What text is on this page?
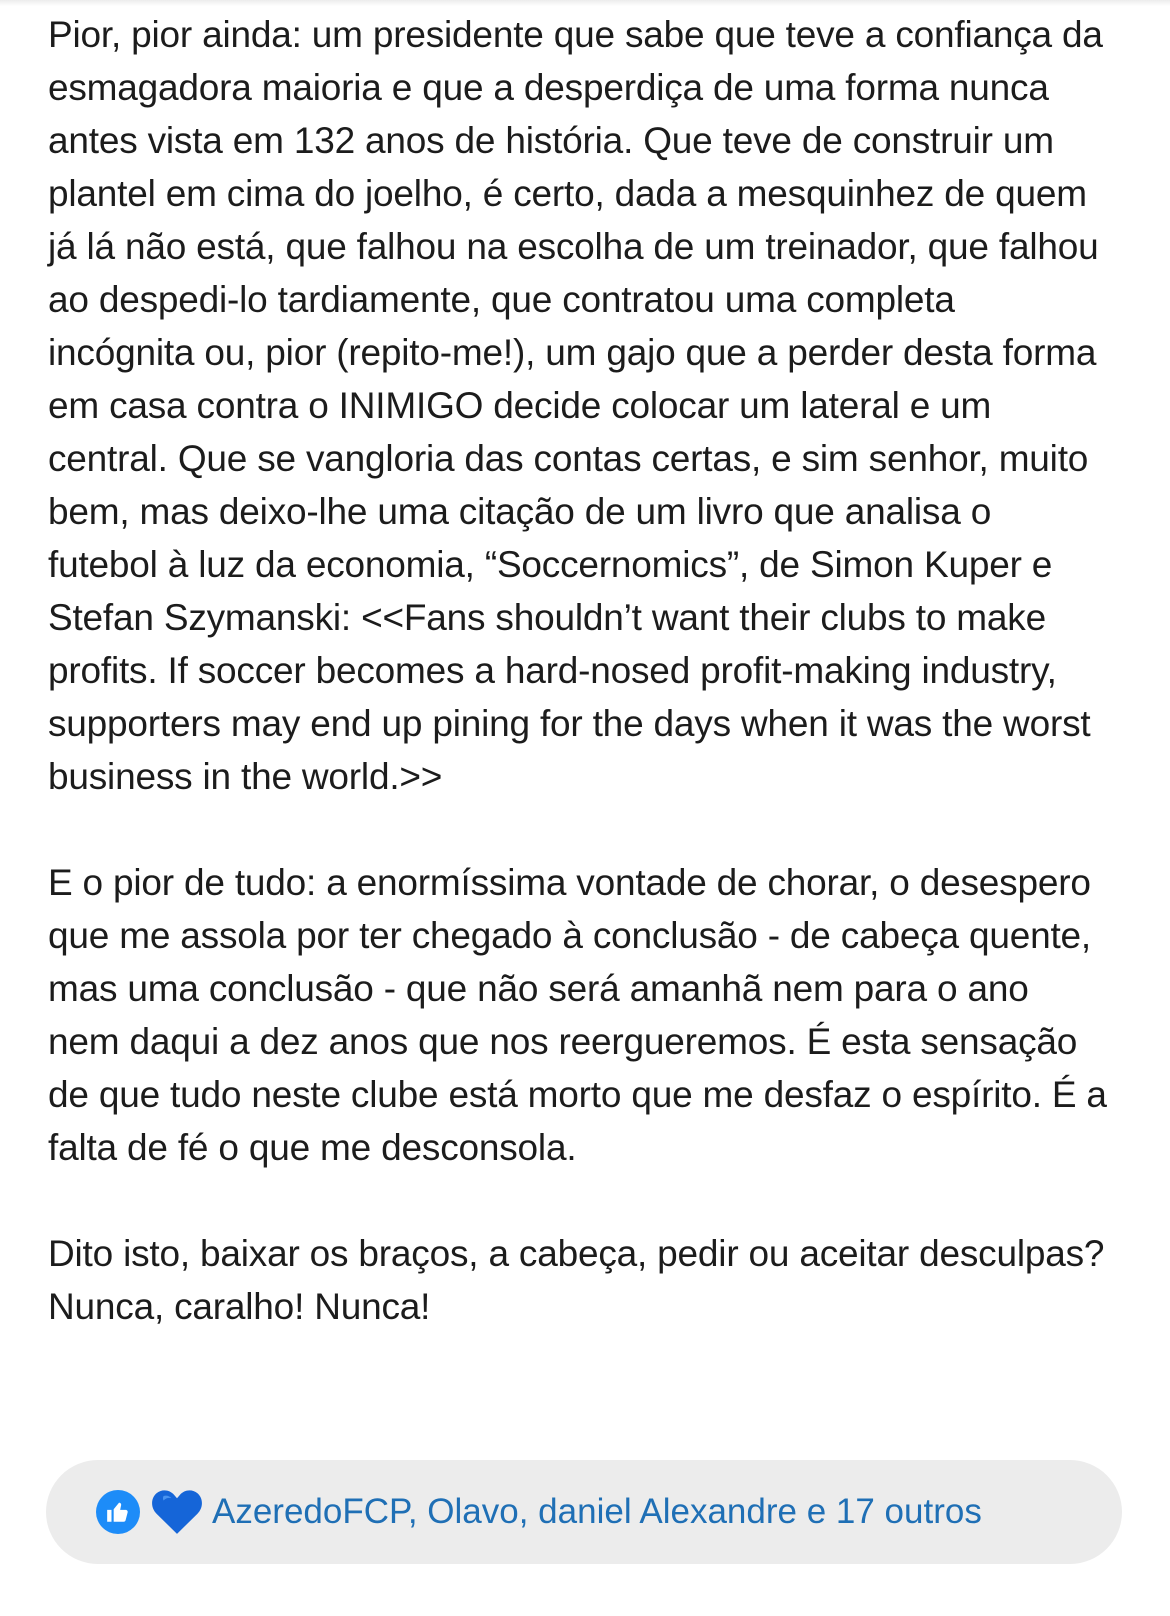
Pior, pior ainda: um presidente que sabe que teve a confiança da esmagadora maioria e que a desperdiça de uma forma nunca antes vista em 132 anos de história. Que teve de construir um plantel em cima do joelho, é certo, dada a mesquinhez de quem já lá não está, que falhou na escolha de um treinador, que falhou ao despedi-lo tardiamente, que contratou uma completa incógnita ou, pior (repito-me!), um gajo que a perder desta forma em casa contra o INIMIGO decide colocar um lateral e um central. Que se vangloria das contas certas, e sim senhor, muito bem, mas deixo-lhe uma citação de um livro que analisa o futebol à luz da economia, “Soccernomics”, de Simon Kuper e Stefan Szymanski: <<Fans shouldn’t want their clubs to make profits. If soccer becomes a hard-nosed profit-making industry, supporters may end up pining for the days when it was the worst business in the world.>>

E o pior de tudo: a enormíssima vontade de chorar, o desespero que me assola por ter chegado à conclusão - de cabeça quente, mas uma conclusão - que não será amanhã nem para o ano nem daqui a dez anos que nos reergueremos. É esta sensação de que tudo neste clube está morto que me desfaz o espírito. É a falta de fé o que me desconsola.

Dito isto, baixar os braços, a cabeça, pedir ou aceitar desculpas? Nunca, caralho! Nunca!

AzeredoFCP, Olavo, daniel Alexandre e 17 outros
